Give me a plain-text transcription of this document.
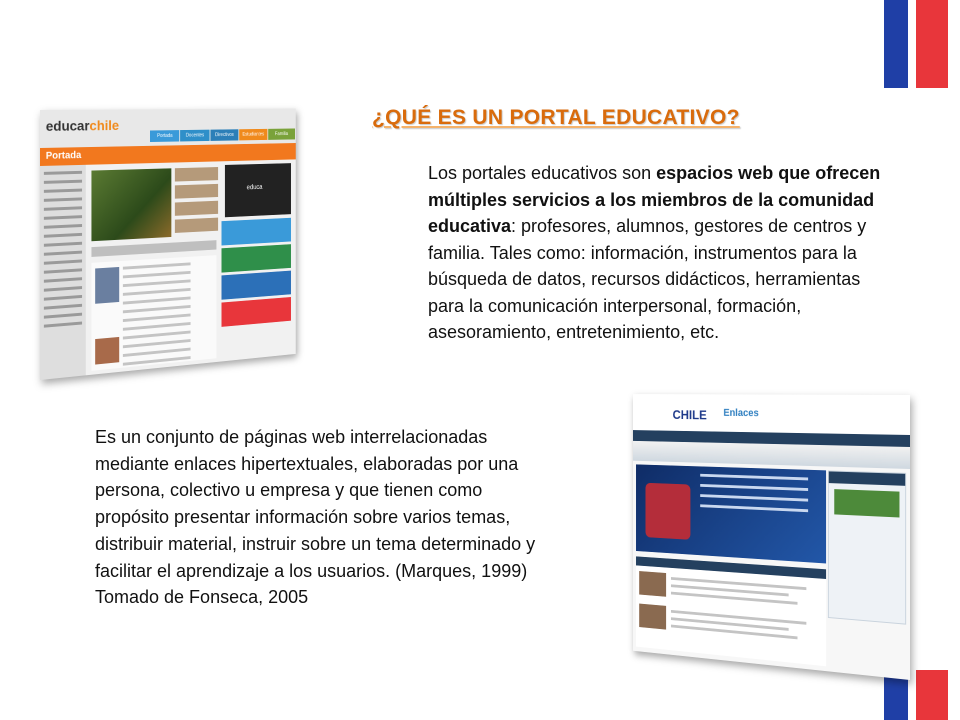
¿QUÉ ES UN PORTAL EDUCATIVO?
Los portales educativos son espacios web que ofrecen múltiples servicios a los miembros de la comunidad educativa: profesores, alumnos, gestores de centros y familia. Tales como: información, instrumentos para la búsqueda de datos, recursos didácticos, herramientas para la comunicación interpersonal, formación, asesoramiento, entretenimiento, etc.
Es un conjunto de páginas web interrelacionadas mediante enlaces hipertextuales, elaboradas por una persona, colectivo u empresa y que tienen como propósito presentar información sobre varios temas, distribuir material, instruir sobre un tema determinado y facilitar el aprendizaje a los usuarios. (Marques, 1999) Tomado de Fonseca, 2005
educarchile
Portada	Docentes	Directivos	Estudiantes	Familia
Portada
educa
CHILE Enlaces
